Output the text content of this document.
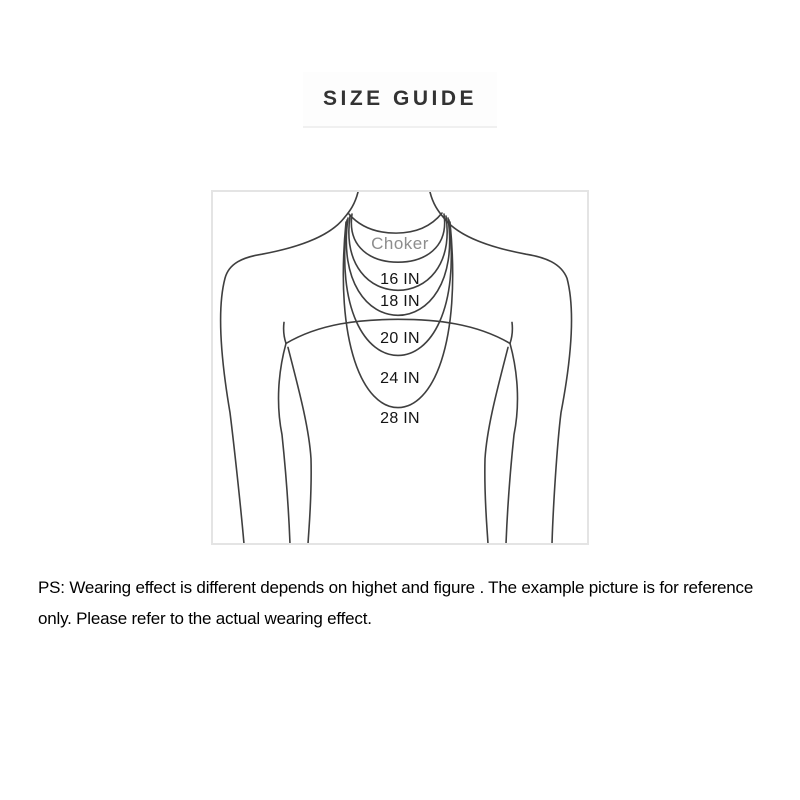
SIZE GUIDE
Choker
16 IN
18 IN
20 IN
24 IN
28 IN
PS: Wearing effect is different depends on highet and figure . The example picture is for reference
only. Please refer to the actual wearing effect.
